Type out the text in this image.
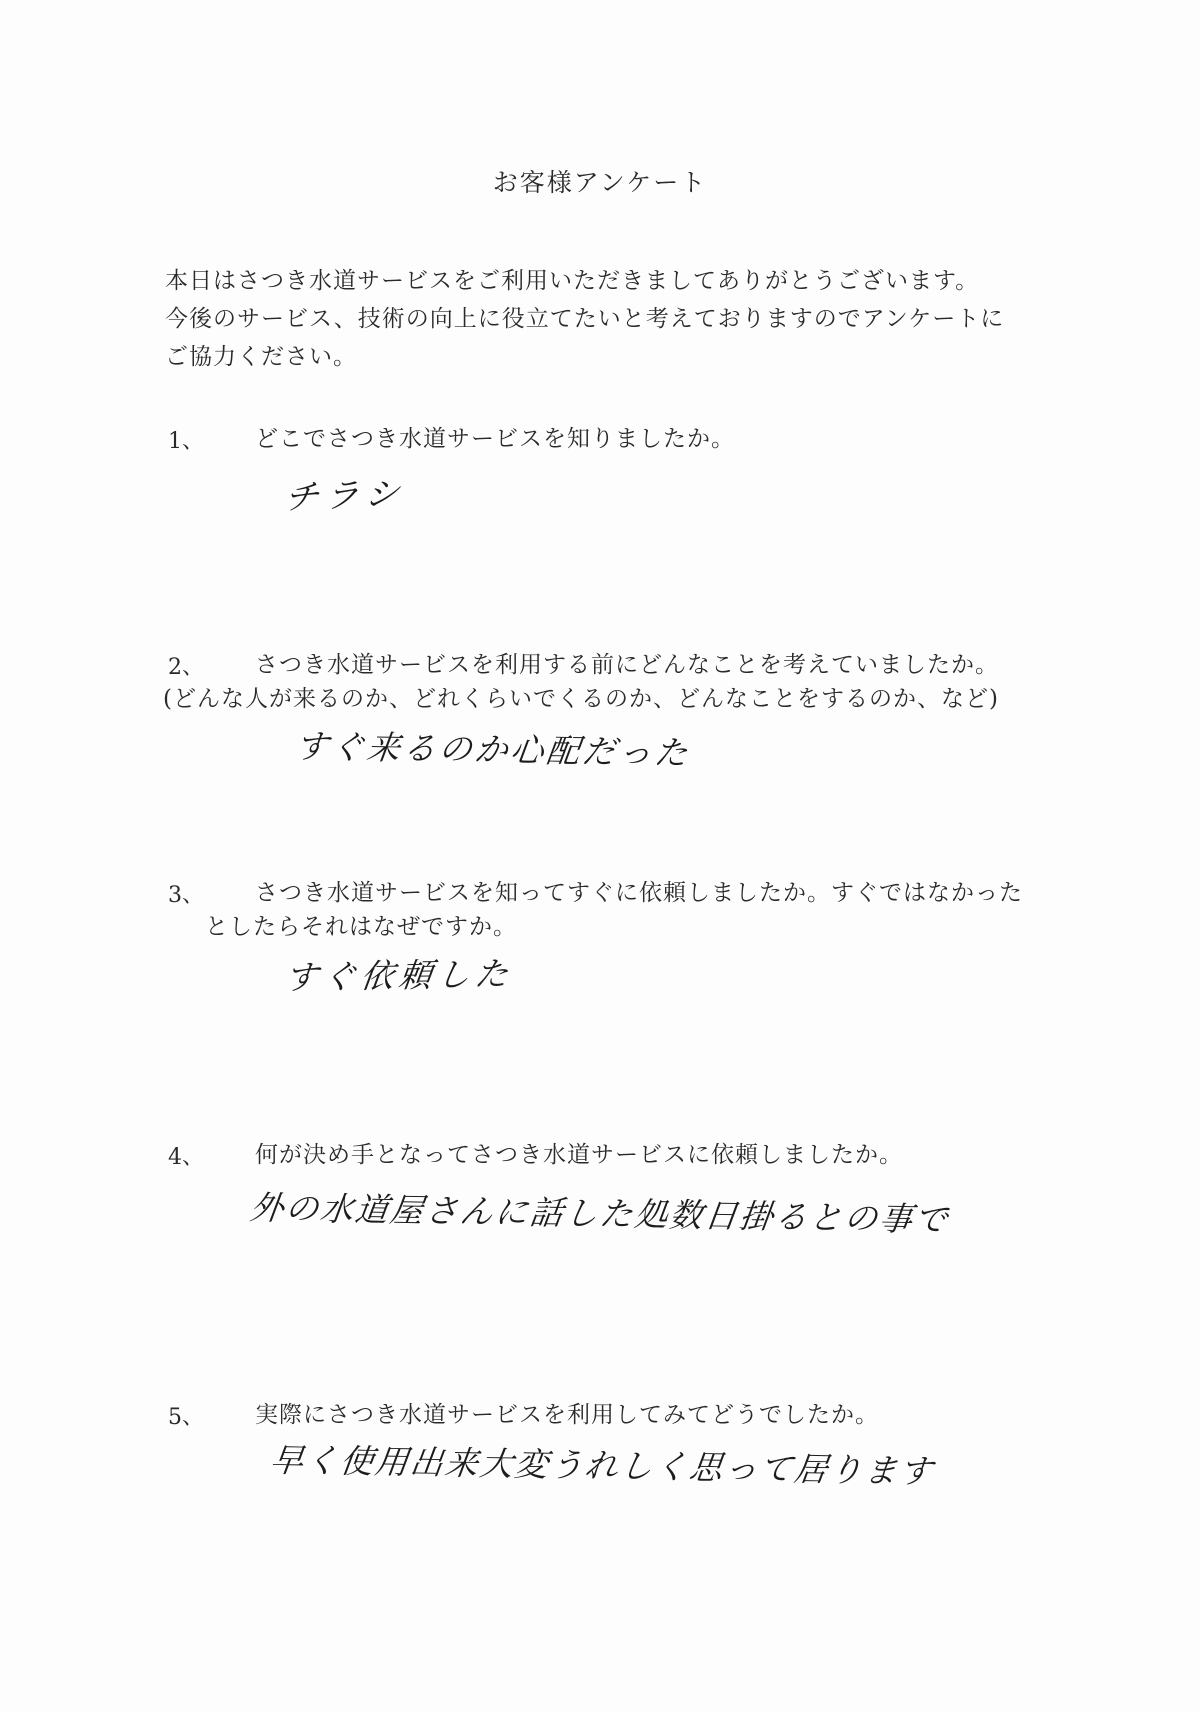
お客様アンケート
本日はさつき水道サービスをご利用いただきましてありがとうございます。
今後のサービス、技術の向上に役立てたいと考えておりますのでアンケートに
ご協力ください。
1、 どこでさつき水道サービスを知りましたか。
チラシ
2、 さつき水道サービスを利用する前にどんなことを考えていましたか。
(どんな人が来るのか、どれくらいでくるのか、どんなことをするのか、など)
すぐ来るのか心配だった
3、 さつき水道サービスを知ってすぐに依頼しましたか。すぐではなかった
としたらそれはなぜですか。
すぐ依頼した
4、 何が決め手となってさつき水道サービスに依頼しましたか。
外の水道屋さんに話した処数日掛るとの事で
5、 実際にさつき水道サービスを利用してみてどうでしたか。
早く使用出来大変うれしく思って居ります
